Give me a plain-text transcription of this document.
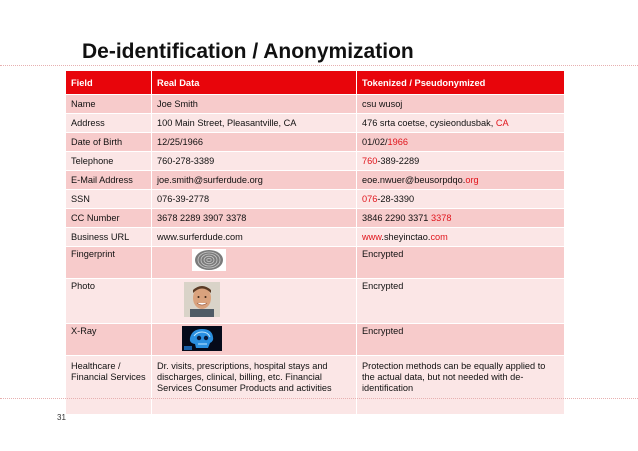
De-identification / Anonymization
Field	Real Data	Tokenized / Pseudonymized
Name	Joe Smith	csu wusoj
Address	100 Main Street, Pleasantville, CA	476 srta coetse, cysieondusbak, CA
Date of Birth	12/25/1966	01/02/1966
Telephone	760-278-3389	760-389-2289
E-Mail Address	joe.smith@surferdude.org	eoe.nwuer@beusorpdqo.org
SSN	076-39-2778	076-28-3390
CC Number	3678 2289 3907 3378	3846 2290 3371 3378
Business URL	www.surferdude.com	www.sheyinctao.com
Fingerprint		Encrypted
Photo		Encrypted
X-Ray		Encrypted
Healthcare / Financial Services	Dr. visits, prescriptions, hospital stays and discharges, clinical, billing, etc. Financial Services Consumer Products and activities	Protection methods can be equally applied to the actual data, but not needed with de-identification
31
